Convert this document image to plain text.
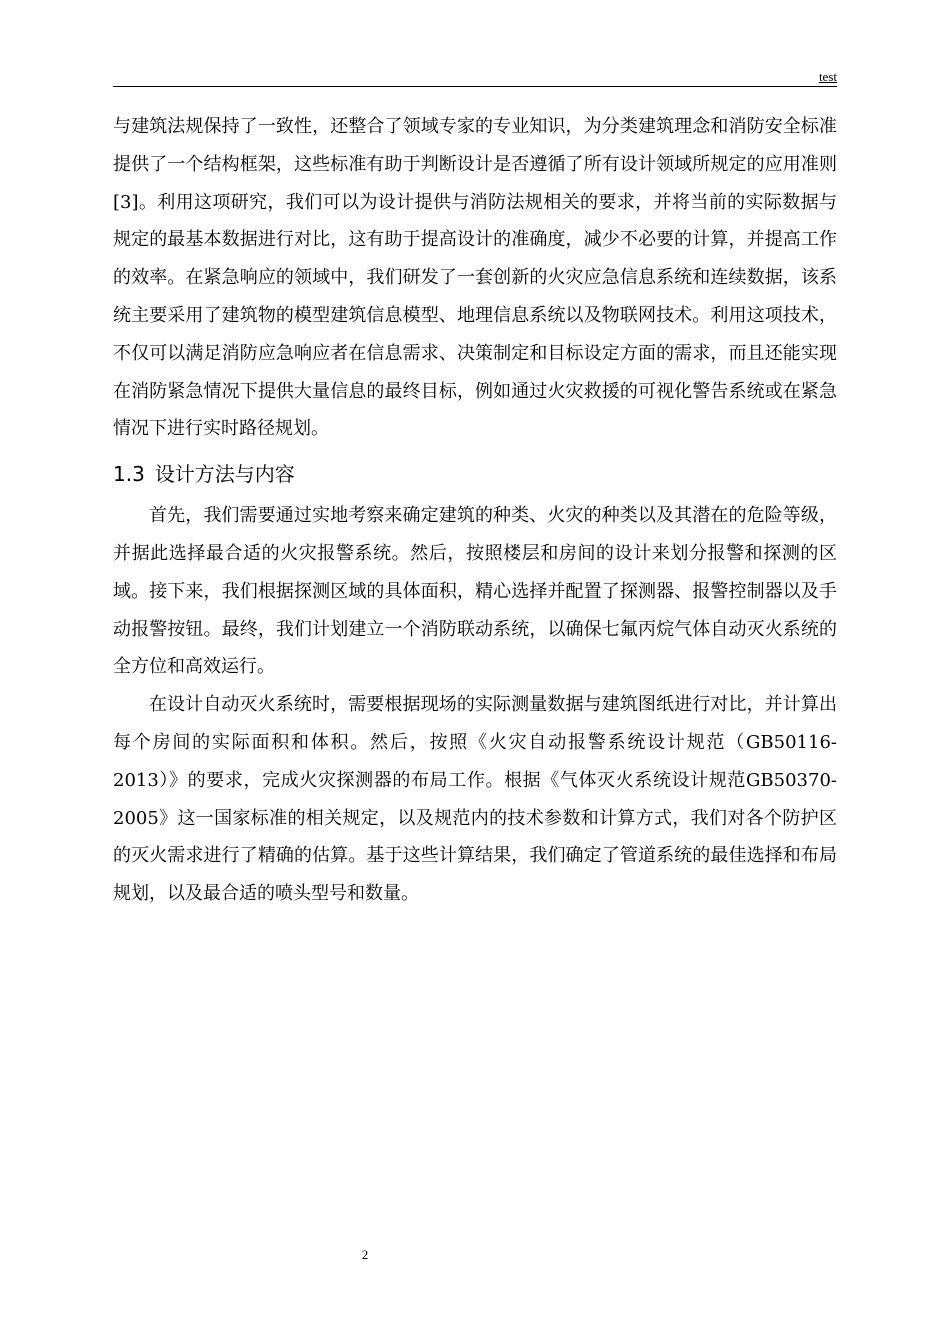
test

与建筑法规保持了一致性，还整合了领域专家的专业知识，为分类建筑理念和消防安全标准提供了一个结构框架，这些标准有助于判断设计是否遵循了所有设计领域所规定的应用准则[3]。利用这项研究，我们可以为设计提供与消防法规相关的要求，并将当前的实际数据与规定的最基本数据进行对比，这有助于提高设计的准确度，减少不必要的计算，并提高工作的效率。在紧急响应的领域中，我们研发了一套创新的火灾应急信息系统和连续数据，该系统主要采用了建筑物的模型建筑信息模型、地理信息系统以及物联网技术。利用这项技术，不仅可以满足消防应急响应者在信息需求、决策制定和目标设定方面的需求，而且还能实现在消防紧急情况下提供大量信息的最终目标，例如通过火灾救援的可视化警告系统或在紧急情况下进行实时路径规划。

1.3 设计方法与内容

首先，我们需要通过实地考察来确定建筑的种类、火灾的种类以及其潜在的危险等级，并据此选择最合适的火灾报警系统。然后，按照楼层和房间的设计来划分报警和探测的区域。接下来，我们根据探测区域的具体面积，精心选择并配置了探测器、报警控制器以及手动报警按钮。最终，我们计划建立一个消防联动系统，以确保七氟丙烷气体自动灭火系统的全方位和高效运行。

在设计自动灭火系统时，需要根据现场的实际测量数据与建筑图纸进行对比，并计算出每个房间的实际面积和体积。然后，按照《火灾自动报警系统设计规范（GB50116-2013）》的要求，完成火灾探测器的布局工作。根据《气体灭火系统设计规范GB50370-2005》这一国家标准的相关规定，以及规范内的技术参数和计算方式，我们对各个防护区的灭火需求进行了精确的估算。基于这些计算结果，我们确定了管道系统的最佳选择和布局规划，以及最合适的喷头型号和数量。

2
